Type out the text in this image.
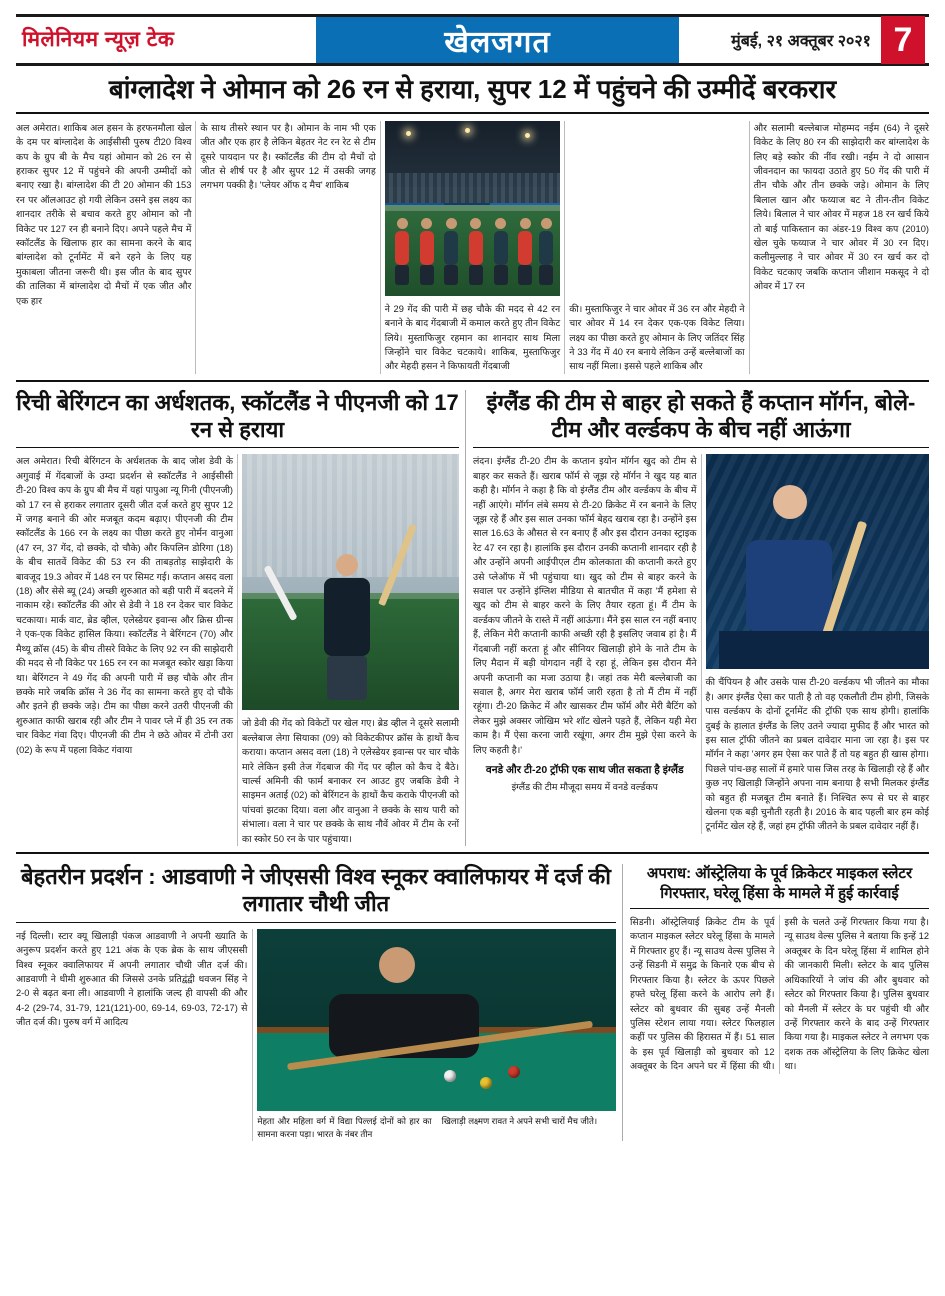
मिलेनियम न्यूज़ टेक	खेलजगत	मुंबई, २१ अक्तूबर २०२१ 7
बांग्लादेश ने ओमान को 26 रन से हराया, सुपर 12 में पहुंचने की उम्मीदें बरकरार
अल अमेरात। शाकिब अल हसन के हरफनमौला खेल के दम पर बांग्लादेश के आईसीसी पुरुष टी20 विश्व कप के ग्रुप बी के मैच यहां ओमान को 26 रन से हराकर सुपर 12 में पहुंचने की अपनी उम्मीदों को बनाए रखा है। बांग्लादेश की टी 20 ओमान की 153 रन पर ऑलआउट हो गयी लेकिन उसने इस लक्ष्य का शानदार तरीके से बचाव करते हुए ओमान को नौ विकेट पर 127 रन ही बनाने दिए। अपने पहले मैच में स्कॉटलैंड के खिलाफ हार का सामना करने के बाद बांग्लादेश को टूर्नामेंट में बने रहने के लिए यह मुकाबला जीतना जरूरी थी। इस जीत के बाद सुपर की तालिका में बांग्लादेश दो मैचों में एक जीत और एक हार
के साथ तीसरे स्थान पर है। ओमान के नाम भी एक जीत और एक हार है लेकिन बेहतर नेट रन रेट से टीम दूसरे पायदान पर है। स्कॉटलैंड की टीम दो मैचों दो जीत से शीर्ष पर है और सुपर 12 में उसकी जगह लगभग पक्की है। 'प्लेयर ऑफ द मैच' शाकिब
ने 29 गेंद की पारी में छह चौके की मदद से 42 रन बनाने के बाद गेंदबाजी में कमाल करते हुए तीन विकेट लिये। मुस्ताफिजुर रहमान का शानदार साथ मिला जिन्होंने चार विकेट चटकाये। शाकिब, मुस्ताफिजुर और मेहदी हसन ने किफायती गेंदबाजी
की। मुस्ताफिजुर ने चार ओवर में 36 रन और मेहदी ने चार ओवर में 14 रन देकर एक-एक विकेट लिया। लक्ष्य का पीछा करते हुए ओमान के लिए जतिंदर सिंह ने 33 गेंद में 40 रन बनाये लेकिन उन्हें बल्लेबाजों का साथ नहीं मिला। इससे पहले शाकिब और
और सलामी बल्लेबाज मोहम्मद नईम (64) ने दूसरे विकेट के लिए 80 रन की साझेदारी कर बांग्लादेश के लिए बड़े स्कोर की नींव रखी। नईम ने दो आसान जीवनदान का फायदा उठाते हुए 50 गेंद की पारी में तीन चौके और तीन छक्के जड़े। ओमान के लिए बिलाल खान और फय्याज बट ने तीन-तीन विकेट लिये। बिलाल ने चार ओवर में महज 18 रन खर्च किये तो बाई पाकिस्तान का अंडर-19 विश्व कप (2010) खेल चुके फय्याज ने चार ओवर में 30 रन दिए। कलीमुल्लाह ने चार ओवर में 30 रन खर्च कर दो विकेट चटकाए जबकि कप्तान जीशान मकसूद ने दो ओवर में 17 रन
रिची बेरिंगटन का अर्धशतक, स्कॉटलैंड ने पीएनजी को 17 रन से हराया
अल अमेरात। रिची बेरिंगटन के अर्धशतक के बाद जोश डेवी के अगुवाई में गेंदबाजों के उम्दा प्रदर्शन से स्कॉटलैंड ने आईसीसी टी-20 विश्व कप के ग्रुप बी मैच में यहां पापुआ न्यू गिनी (पीएनजी) को 17 रन से हराकर लगातार दूसरी जीत दर्ज करते हुए सुपर 12 में जगह बनाने की ओर मजबूत कदम बढ़ाए। पीएनजी की टीम स्कॉटलैंड के 166 रन के लक्ष्य का पीछा करते हुए नोर्मन वानुआ (47 रन, 37 गेंद, दो छक्के, दो चौके) और किपलिन डोरिगा (18) के बीच सातवें विकेट की 53 रन की ताबड़तोड़ साझेदारी के बावजूद 19.3 ओवर में 148 रन पर सिमट गई। कप्तान असद वला (18) और सेसे ब्यू (24) अच्छी शुरुआत को बड़ी पारी में बदलने में नाकाम रहे। स्कॉटलैंड की ओर से डेवी ने 18 रन देकर चार विकेट चटकाया। मार्क वाट, ब्रेड व्हील, एलेस्डेयर इवान्स और क्रिस ग्रीन्स ने एक-एक विकेट हासिल किया। स्कॉटलैंड ने बेरिंगटन (70) और मैथ्यू क्रॉस (45) के बीच तीसरे विकेट के लिए 92 रन की साझेदारी की मदद से नौ विकेट पर 165 रन रन का मजबूत स्कोर खड़ा किया था। बेरिंगटन ने 49 गेंद की अपनी पारी में छह चौके और तीन छक्के मारे जबकि क्रॉस ने 36 गेंद का सामना करते हुए दो चौके और इतने ही छक्के जड़े। टीम का पीछा करने उतरी पीएनजी की शुरुआत काफी खराब रही और टीम ने पावर प्ले में ही 35 रन तक चार विकेट गंवा दिए। पीएनजी की टीम ने छठे ओवर में टोनी उरा (02) के रूप में पहला विकेट गंवाया
जो डेवी की गेंद को विकेटों पर खेल गए। ब्रेड व्हील ने दूसरे सलामी बल्लेबाज लेगा सियाका (09) को विकेटकीपर क्रॉस के हाथों कैच कराया। कप्तान असद वला (18) ने एलेस्डेयर इवान्स पर चार चौके मारे लेकिन इसी तेज गेंदबाज की गेंद पर व्हील को कैच दे बैठे। चार्ल्स अमिनी की फार्म बनाकर रन आउट हुए जबकि डेवी ने साइमन अताई (02) को बेरिंगटन के हाथों कैच कराके पीएनजी को पांचवां झटका दिया। वला और वानुआ ने छक्के के साथ पारी को संभाला। वला ने चार पर छक्के के साथ नौवें ओवर में टीम के रनों का स्कोर 50 रन के पार पहुंचाया।
इंग्लैंड की टीम से बाहर हो सकते हैं कप्तान मॉर्गन, बोले- टीम और वर्ल्डकप के बीच नहीं आऊंगा
लंदन। इंग्लैंड टी-20 टीम के कप्तान इयोन मॉर्गन खुद को टीम से बाहर कर सकते हैं। खराब फॉर्म से जूझ रहे मॉर्गन ने खुद यह बात कही है। मॉर्गन ने कहा है कि वो इंग्लैंड टीम और वर्ल्डकप के बीच में नहीं आएंगे। मॉर्गन लंबे समय से टी-20 क्रिकेट में रन बनाने के लिए जूझ रहे हैं और इस साल उनका फॉर्म बेहद खराब रहा है। उन्होंने इस साल 16.63 के औसत से रन बनाए हैं और इस दौरान उनका स्ट्राइक रेट 47 रन रहा है। हालांकि इस दौरान उनकी कप्तानी शानदार रही है और उन्होंने अपनी आईपीएल टीम कोलकाता की कप्तानी करते हुए उसे प्लेऑफ में भी पहुंचाया था। खुद को टीम से बाहर करने के सवाल पर उन्होंने इंग्लिश मीडिया से बातचीत में कहा 'मैं हमेशा से खुद को टीम से बाहर करने के लिए तैयार रहता हूं। मैं टीम के वर्ल्डकप जीतने के रास्ते में नहीं आऊंगा। मैंने इस साल रन नहीं बनाए हैं, लेकिन मेरी कप्तानी काफी अच्छी रही है इसलिए जवाब हां है। मैं गेंदबाजी नहीं करता हूं और सीनियर खिलाड़ी होने के नाते टीम के लिए मैदान में बड़ी योगदान नहीं दे रहा हूं, लेकिन इस दौरान मैंने अपनी कप्तानी का मजा उठाया है। जहां तक मेरी बल्लेबाजी का सवाल है, अगर मेरा खराब फॉर्म जारी रहता है तो मैं टीम में नहीं रहूंगा। टी-20 क्रिकेट में और खासकर टीम फॉर्म और मेरी बैटिंग को लेकर मुझे अक्सर जोखिम भरे शॉट खेलने पड़ते हैं, लेकिन यही मेरा काम है। मैं ऐसा करना जारी रखूंगा, अगर टीम मुझे ऐसा करने के लिए कहती है।'
वनडे और टी-20 ट्रॉफी एक साथ जीत सकता है इंग्लैंड
इंग्लैंड की टीम मौजूदा समय में वनडे वर्ल्डकप
की चैंपियन है और उसके पास टी-20 वर्ल्डकप भी जीतने का मौका है। अगर इंग्लैंड ऐसा कर पाती है तो वह एकलौती टीम होगी, जिसके पास वर्ल्डकप के दोनों टूर्नामेंट की ट्रॉफी एक साथ होगी। हालांकि दुबई के हालात इंग्लैंड के लिए उतने ज्यादा मुफीद हैं और भारत को इस साल ट्रॉफी जीतने का प्रबल दावेदार माना जा रहा है। इस पर मॉर्गन ने कहा 'अगर हम ऐसा कर पाते हैं तो यह बहुत ही खास होगा। पिछले पांच-छह सालों में हमारे पास जिस तरह के खिलाड़ी रहे हैं और कुछ नए खिलाड़ी जिन्होंने अपना नाम बनाया है सभी मिलकर इंग्लैंड को बहुत ही मजबूत टीम बनाते हैं। निश्चित रूप से घर से बाहर खेलना एक बड़ी चुनौती रहती है। 2016 के बाद पहली बार हम कोई टूर्नामेंट खेल रहे हैं, जहां हम ट्रॉफी जीतने के प्रबल दावेदार नहीं हैं।
बेहतरीन प्रदर्शन : आडवाणी ने जीएससी विश्व स्नूकर क्वालिफायर में दर्ज की लगातार चौथी जीत
नई दिल्ली। स्टार क्यू खिलाड़ी पंकज आडवाणी ने अपनी ख्याति के अनुरूप प्रदर्शन करते हुए 121 अंक के एक ब्रेक के साथ जीएससी विश्व स्नूकर क्वालिफायर में अपनी लगातार चौथी जीत दर्ज की। आडवाणी ने धीमी शुरुआत की जिससे उनके प्रतिद्वंद्वी धवजन सिंह ने 2-0 से बढ़त बना ली। आडवाणी ने हालांकि जल्द ही वापसी की और 4-2 (29-74, 31-79, 121(121)-00, 69-14, 69-03, 72-17) से जीत दर्ज की। पुरुष वर्ग में आदित्य
मेहता और महिला वर्ग में विद्या पिल्लई दोनों को हार का सामना करना पड़ा। भारत के नंबर तीन
खिलाड़ी लक्ष्मण रावत ने अपने सभी चारों मैच जीते।
अपराध: ऑस्ट्रेलिया के पूर्व क्रिकेटर माइकल स्लेटर गिरफ्तार, घरेलू हिंसा के मामले में हुई कार्रवाई
सिडनी। ऑस्ट्रेलियाई क्रिकेट टीम के पूर्व कप्तान माइकल स्लेटर घरेलू हिंसा के मामले में गिरफ्तार हुए हैं। न्यू साउथ वेल्स पुलिस ने उन्हें सिडनी में समुद्र के किनारे एक बीच से गिरफ्तार किया है। स्लेटर के ऊपर पिछले हफ्ते घरेलू हिंसा करने के आरोप लगे हैं। स्लेटर को बुधवार की सुबह उन्हें मैनली पुलिस स्टेशन लाया गया। स्लेटर फिलहाल कहीं पर पुलिस की हिरासत में हैं। 51 साल के इस पूर्व खिलाड़ी को बुधवार को 12 अक्तूबर के दिन अपने घर में हिंसा की थी। इसी के चलते उन्हें गिरफ्तार किया गया है। न्यू साउथ वेल्स पुलिस ने बताया कि इन्हें 12 अक्तूबर के दिन घरेलू हिंसा में शामिल होने की जानकारी मिली। स्लेटर के बाद पुलिस अधिकारियों ने जांच की और बुधवार को स्लेटर को गिरफ्तार किया है। पुलिस बुधवार को मैनली में स्लेटर के घर पहुंची थी और उन्हें गिरफ्तार करने के बाद उन्हें गिरफ्तार किया गया है। माइकल स्लेटर ने लगभग एक दशक तक ऑस्ट्रेलिया के लिए क्रिकेट खेला था।
